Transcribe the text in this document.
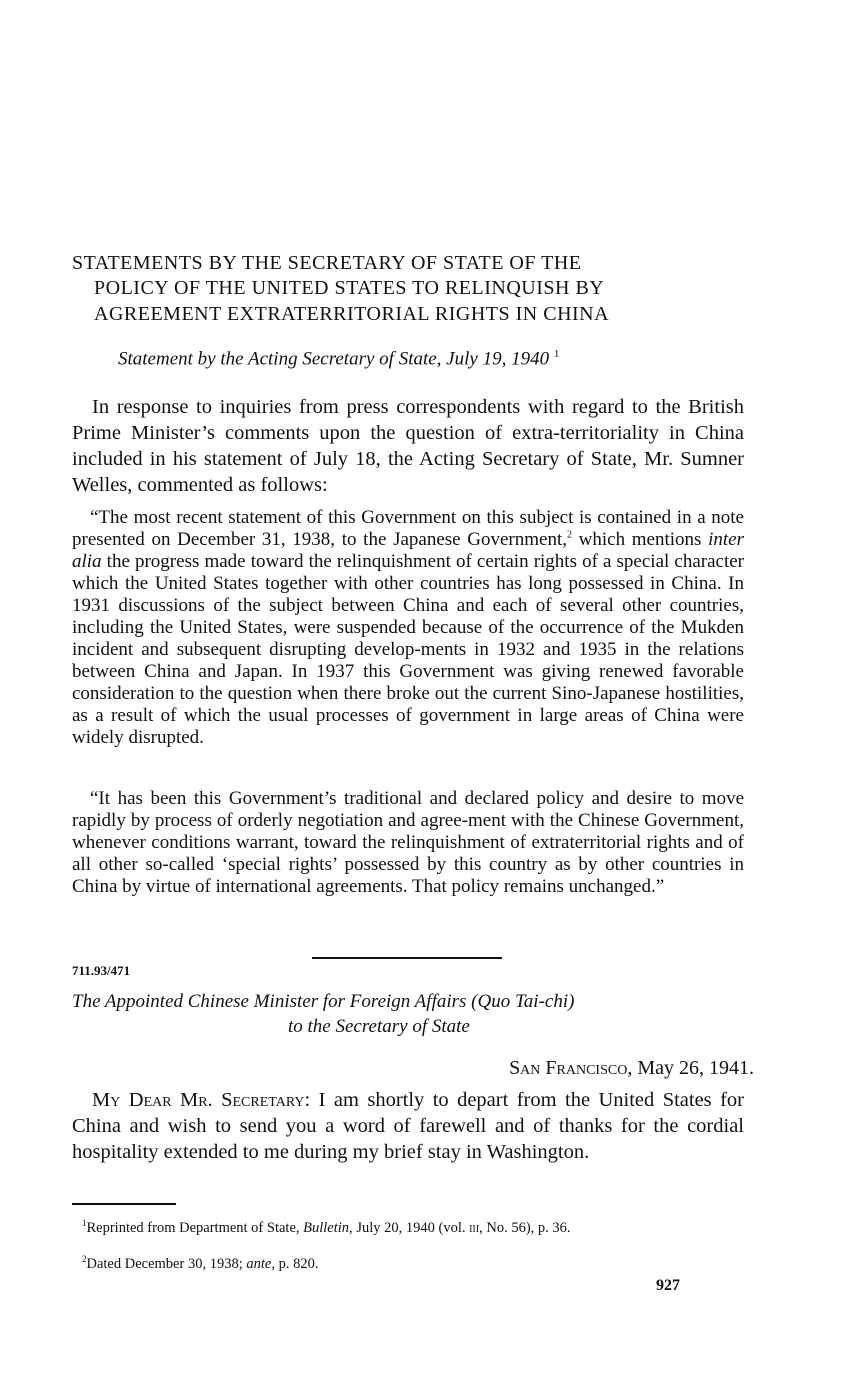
STATEMENTS BY THE SECRETARY OF STATE OF THE
POLICY OF THE UNITED STATES TO RELINQUISH BY
AGREEMENT EXTRATERRITORIAL RIGHTS IN CHINA
Statement by the Acting Secretary of State, July 19, 1940 $^1$
In response to inquiries from press correspondents with regard to the British Prime Minister’s comments upon the question of extra-territoriality in China included in his statement of July 18, the Acting Secretary of State, Mr. Sumner Welles, commented as follows:
“The most recent statement of this Government on this subject is contained in a note presented on December 31, 1938, to the Japanese Government,$^2$ which mentions inter alia the progress made toward the relinquishment of certain rights of a special character which the United States together with other countries has long possessed in China. In 1931 discussions of the subject between China and each of several other countries, including the United States, were suspended because of the occurrence of the Mukden incident and subsequent disrupting develop-ments in 1932 and 1935 in the relations between China and Japan. In 1937 this Government was giving renewed favorable consideration to the question when there broke out the current Sino-Japanese hostilities, as a result of which the usual processes of government in large areas of China were widely disrupted.
“It has been this Government’s traditional and declared policy and desire to move rapidly by process of orderly negotiation and agree-ment with the Chinese Government, whenever conditions warrant, toward the relinquishment of extraterritorial rights and of all other so-called ‘special rights’ possessed by this country as by other countries in China by virtue of international agreements. That policy remains unchanged.”
711.93/471
The Appointed Chinese Minister for Foreign Affairs (Quo Tai-chi)
to the Secretary of State
San Francisco, May 26, 1941.
My Dear Mr. Secretary: I am shortly to depart from the United States for China and wish to send you a word of farewell and of thanks for the cordial hospitality extended to me during my brief stay in Washington.
$^1$Reprinted from Department of State, Bulletin, July 20, 1940 (vol. iii, No. 56), p. 36.
$^2$Dated December 30, 1938; ante, p. 820.
927
